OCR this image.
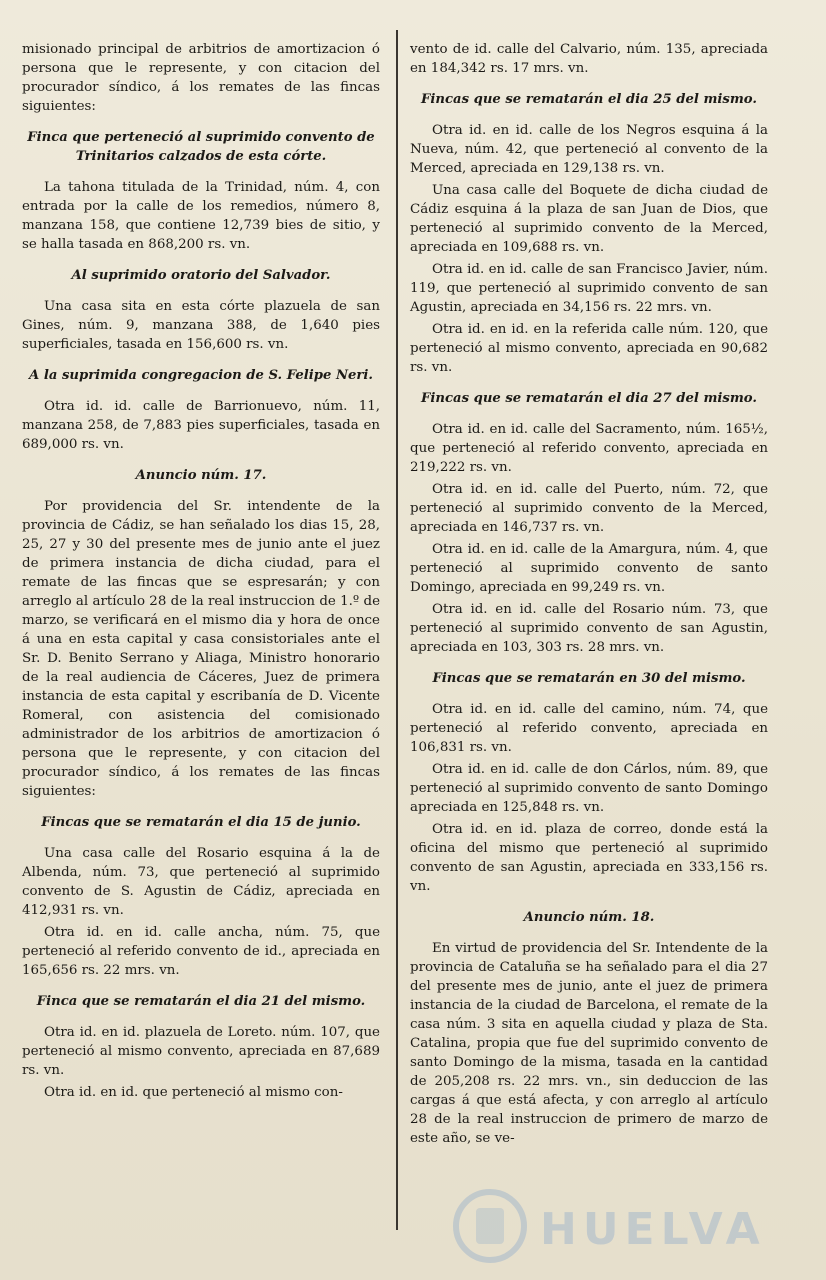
misionado principal de arbitrios de amortizacion ó persona que le represente, y con citacion del procurador síndico, á los remates de las fincas siguientes:
Finca que perteneció al suprimido convento de Trinitarios calzados de esta córte.
La tahona titulada de la Trinidad, núm. 4, con entrada por la calle de los remedios, número 8, manzana 158, que contiene 12,739 bies de sitio, y se halla tasada en 868,200 rs. vn.
Al suprimido oratorio del Salvador.
Una casa sita en esta córte plazuela de san Gines, núm. 9, manzana 388, de 1,640 pies superficiales, tasada en 156,600 rs. vn.
A la suprimida congregacion de S. Felipe Neri.
Otra id. id. calle de Barrionuevo, núm. 11, manzana 258, de 7,883 pies superficiales, tasada en 689,000 rs. vn.
Anuncio núm. 17.
Por providencia del Sr. intendente de la provincia de Cádiz, se han señalado los dias 15, 28, 25, 27 y 30 del presente mes de junio ante el juez de primera instancia de dicha ciudad, para el remate de las fincas que se espresarán; y con arreglo al artículo 28 de la real instruccion de 1.º de marzo, se verificará en el mismo dia y hora de once á una en esta capital y casa consistoriales ante el Sr. D. Benito Serrano y Aliaga, Ministro honorario de la real audiencia de Cáceres, Juez de primera instancia de esta capital y escribanía de D. Vicente Romeral, con asistencia del comisionado administrador de los arbitrios de amortizacion ó persona que le represente, y con citacion del procurador síndico, á los remates de las fincas siguientes:
Fincas que se rematarán el dia 15 de junio.
Una casa calle del Rosario esquina á la de Albenda, núm. 73, que perteneció al suprimido convento de S. Agustin de Cádiz, apreciada en 412,931 rs. vn.
Otra id. en id. calle ancha, núm. 75, que perteneció al referido convento de id., apreciada en 165,656 rs. 22 mrs. vn.
Finca que se rematarán el dia 21 del mismo.
Otra id. en id. plazuela de Loreto. núm. 107, que perteneció al mismo convento, apreciada en 87,689 rs. vn.
Otra id. en id. que perteneció al mismo con-
vento de id. calle del Calvario, núm. 135, apreciada en 184,342 rs. 17 mrs. vn.
Fincas que se rematarán el dia 25 del mismo.
Otra id. en id. calle de los Negros esquina á la Nueva, núm. 42, que perteneció al convento de la Merced, apreciada en 129,138 rs. vn.
Una casa calle del Boquete de dicha ciudad de Cádiz esquina á la plaza de san Juan de Dios, que perteneció al suprimido convento de la Merced, apreciada en 109,688 rs. vn.
Otra id. en id. calle de san Francisco Javier, núm. 119, que perteneció al suprimido convento de san Agustin, apreciada en 34,156 rs. 22 mrs. vn.
Otra id. en id. en la referida calle núm. 120, que perteneció al mismo convento, apreciada en 90,682 rs. vn.
Fincas que se rematarán el dia 27 del mismo.
Otra id. en id. calle del Sacramento, núm. 165½, que perteneció al referido convento, apreciada en 219,222 rs. vn.
Otra id. en id. calle del Puerto, núm. 72, que perteneció al suprimido convento de la Merced, apreciada en 146,737 rs. vn.
Otra id. en id. calle de la Amargura, núm. 4, que perteneció al suprimido convento de santo Domingo, apreciada en 99,249 rs. vn.
Otra id. en id. calle del Rosario núm. 73, que perteneció al suprimido convento de san Agustin, apreciada en 103, 303 rs. 28 mrs. vn.
Fincas que se rematarán en 30 del mismo.
Otra id. en id. calle del camino, núm. 74, que perteneció al referido convento, apreciada en 106,831 rs. vn.
Otra id. en id. calle de don Cárlos, núm. 89, que perteneció al suprimido convento de santo Domingo apreciada en 125,848 rs. vn.
Otra id. en id. plaza de correo, donde está la oficina del mismo que perteneció al suprimido convento de san Agustin, apreciada en 333,156 rs. vn.
Anuncio núm. 18.
En virtud de providencia del Sr. Intendente de la provincia de Cataluña se ha señalado para el dia 27 del presente mes de junio, ante el juez de primera instancia de la ciudad de Barcelona, el remate de la casa núm. 3 sita en aquella ciudad y plaza de Sta. Catalina, propia que fue del suprimido convento de santo Domingo de la misma, tasada en la cantidad de 205,208 rs. 22 mrs. vn., sin deduccion de las cargas á que está afecta, y con arreglo al artículo 28 de la real instruccion de primero de marzo de este año, se ve-
HUELVA
